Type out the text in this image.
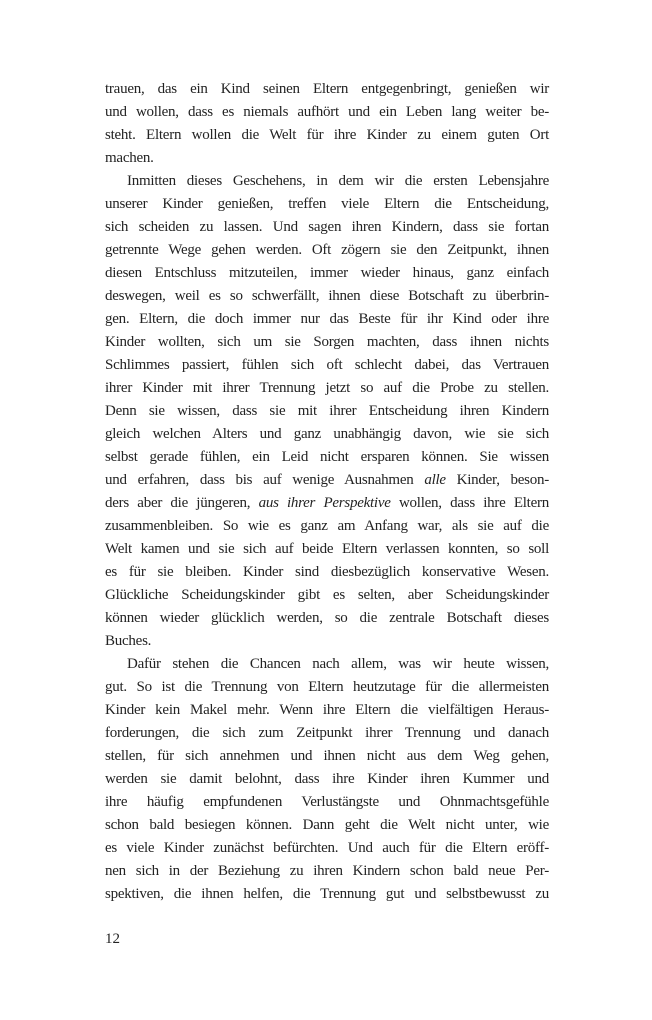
trauen, das ein Kind seinen Eltern entgegenbringt, genießen wir
und wollen, dass es niemals aufhört und ein Leben lang weiter be-
steht. Eltern wollen die Welt für ihre Kinder zu einem guten Ort
machen.
Inmitten dieses Geschehens, in dem wir die ersten Lebensjahre
unserer Kinder genießen, treffen viele Eltern die Entscheidung,
sich scheiden zu lassen. Und sagen ihren Kindern, dass sie fortan
getrennte Wege gehen werden. Oft zögern sie den Zeitpunkt, ihnen
diesen Entschluss mitzuteilen, immer wieder hinaus, ganz einfach
deswegen, weil es so schwerfällt, ihnen diese Botschaft zu überbrin-
gen. Eltern, die doch immer nur das Beste für ihr Kind oder ihre
Kinder wollten, sich um sie Sorgen machten, dass ihnen nichts
Schlimmes passiert, fühlen sich oft schlecht dabei, das Vertrauen
ihrer Kinder mit ihrer Trennung jetzt so auf die Probe zu stellen.
Denn sie wissen, dass sie mit ihrer Entscheidung ihren Kindern
gleich welchen Alters und ganz unabhängig davon, wie sie sich
selbst gerade fühlen, ein Leid nicht ersparen können. Sie wissen
und erfahren, dass bis auf wenige Ausnahmen alle Kinder, beson-
ders aber die jüngeren, aus ihrer Perspektive wollen, dass ihre Eltern
zusammenbleiben. So wie es ganz am Anfang war, als sie auf die
Welt kamen und sie sich auf beide Eltern verlassen konnten, so soll
es für sie bleiben. Kinder sind diesbezüglich konservative Wesen.
Glückliche Scheidungskinder gibt es selten, aber Scheidungskinder
können wieder glücklich werden, so die zentrale Botschaft dieses
Buches.
Dafür stehen die Chancen nach allem, was wir heute wissen,
gut. So ist die Trennung von Eltern heutzutage für die allermeisten
Kinder kein Makel mehr. Wenn ihre Eltern die vielfältigen Heraus-
forderungen, die sich zum Zeitpunkt ihrer Trennung und danach
stellen, für sich annehmen und ihnen nicht aus dem Weg gehen,
werden sie damit belohnt, dass ihre Kinder ihren Kummer und
ihre häufig empfundenen Verlustängste und Ohnmachtsgefühle
schon bald besiegen können. Dann geht die Welt nicht unter, wie
es viele Kinder zunächst befürchten. Und auch für die Eltern eröff-
nen sich in der Beziehung zu ihren Kindern schon bald neue Per-
spektiven, die ihnen helfen, die Trennung gut und selbstbewusst zu
12
